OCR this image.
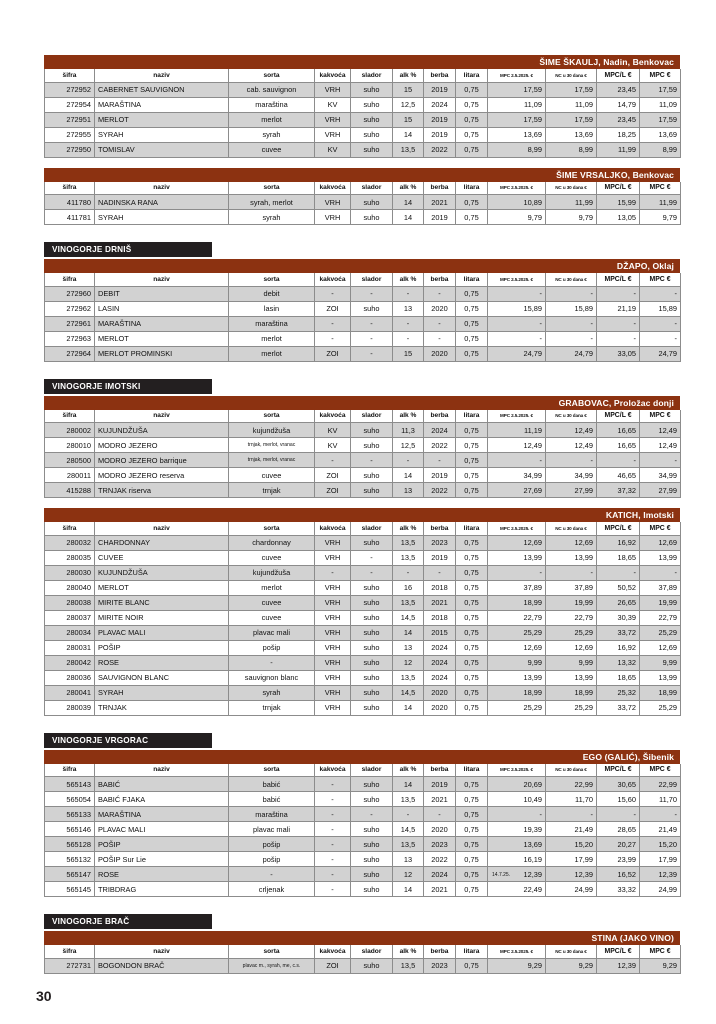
ŠIME ŠKAULJ, Nadin, Benkovac
šifra	naziv	sorta	kakvoća	slador	alk %	berba	litara	MPC 2.5.2025. €	NC u 30 dana €	MPC/L €	MPC €
272952	CABERNET SAUVIGNON	cab. sauvignon	VRH	suho	15	2019	0,75	17,59	17,59	23,45	17,59
272954	MARAŠTINA	maraština	KV	suho	12,5	2024	0,75	11,09	11,09	14,79	11,09
272951	MERLOT	merlot	VRH	suho	15	2019	0,75	17,59	17,59	23,45	17,59
272955	SYRAH	syrah	VRH	suho	14	2019	0,75	13,69	13,69	18,25	13,69
272950	TOMISLAV	cuvee	KV	suho	13,5	2022	0,75	8,99	8,99	11,99	8,99
ŠIME VRSALJKO, Benkovac
šifra	naziv	sorta	kakvoća	slador	alk %	berba	litara	MPC 2.5.2025. €	NC u 30 dana €	MPC/L €	MPC €
411780	NADINSKA RANA	syrah, merlot	VRH	suho	14	2021	0,75	10,89	11,99	15,99	11,99
411781	SYRAH	syrah	VRH	suho	14	2019	0,75	9,79	9,79	13,05	9,79
VINOGORJE DRNIŠ
DŽAPO, Oklaj
šifra	naziv	sorta	kakvoća	slador	alk %	berba	litara	MPC 2.5.2025. €	NC u 30 dana €	MPC/L €	MPC €
272960	DEBIT	debit	-	-	-	-	0,75	-	-	-	-
272962	LASIN	lasin	ZOI	suho	13	2020	0,75	15,89	15,89	21,19	15,89
272961	MARAŠTINA	maraština	-	-	-	-	0,75	-	-	-	-
272963	MERLOT	merlot	-	-	-	-	0,75	-	-	-	-
272964	MERLOT PROMINSKI	merlot	ZOI	-	15	2020	0,75	24,79	24,79	33,05	24,79
VINOGORJE IMOTSKI
GRABOVAC, Proložac donji
šifra	naziv	sorta	kakvoća	slador	alk %	berba	litara	MPC 2.5.2025. €	NC u 30 dana €	MPC/L €	MPC €
280002	KUJUNDŽUŠA	kujundžuša	KV	suho	11,3	2024	0,75	11,19	12,49	16,65	12,49
280010	MODRO JEZERO	trnjak, merlot, vranac	KV	suho	12,5	2022	0,75	12,49	12,49	16,65	12,49
280500	MODRO JEZERO barrique	trnjak, merlot, vranac	-	-	-	-	0,75	-	-	-	-
280011	MODRO JEZERO reserva	cuvee	ZOI	suho	14	2019	0,75	34,99	34,99	46,65	34,99
415288	TRNJAK riserva	trnjak	ZOI	suho	13	2022	0,75	27,69	27,99	37,32	27,99
KATICH, Imotski
šifra	naziv	sorta	kakvoća	slador	alk %	berba	litara	MPC 2.5.2025. €	NC u 30 dana €	MPC/L €	MPC €
280032	CHARDONNAY	chardonnay	VRH	suho	13,5	2023	0,75	12,69	12,69	16,92	12,69
280035	CUVEE	cuvee	VRH	-	13,5	2019	0,75	13,99	13,99	18,65	13,99
280030	KUJUNDŽUŠA	kujundžuša	-	-	-	-	0,75	-	-	-	-
280040	MERLOT	merlot	VRH	suho	16	2018	0,75	37,89	37,89	50,52	37,89
280038	MIRITE BLANC	cuvee	VRH	suho	13,5	2021	0,75	18,99	19,99	26,65	19,99
280037	MIRITE NOIR	cuvee	VRH	suho	14,5	2018	0,75	22,79	22,79	30,39	22,79
280034	PLAVAC MALI	plavac mali	VRH	suho	14	2015	0,75	25,29	25,29	33,72	25,29
280031	POŠIP	pošip	VRH	suho	13	2024	0,75	12,69	12,69	16,92	12,69
280042	ROSE	-	VRH	suho	12	2024	0,75	9,99	9,99	13,32	9,99
280036	SAUVIGNON BLANC	sauvignon blanc	VRH	suho	13,5	2024	0,75	13,99	13,99	18,65	13,99
280041	SYRAH	syrah	VRH	suho	14,5	2020	0,75	18,99	18,99	25,32	18,99
280039	TRNJAK	trnjak	VRH	suho	14	2020	0,75	25,29	25,29	33,72	25,29
VINOGORJE VRGORAC
EGO (GALIĆ), Šibenik
šifra	naziv	sorta	kakvoća	slador	alk %	berba	litara	MPC 2.5.2025. €	NC u 30 dana €	MPC/L €	MPC €
565143	BABIĆ	babić	-	suho	14	2019	0,75	20,69	22,99	30,65	22,99
565054	BABIĆ FJAKA	babić	-	suho	13,5	2021	0,75	10,49	11,70	15,60	11,70
565133	MARAŠTINA	maraština	-	-	-	-	0,75	-	-	-	-
565146	PLAVAC MALI	plavac mali	-	suho	14,5	2020	0,75	19,39	21,49	28,65	21,49
565128	POŠIP	pošip	-	suho	13,5	2023	0,75	13,69	15,20	20,27	15,20
565132	POŠIP Sur Lie	pošip	-	suho	13	2022	0,75	16,19	17,99	23,99	17,99
565147	ROSE	-	-	suho	12	2024	0,75	14.7.25. 12,39	12,39	16,52	12,39
565145	TRIBDRAG	crljenak	-	suho	14	2021	0,75	22,49	24,99	33,32	24,99
VINOGORJE BRAČ
STINA (JAKO VINO)
šifra	naziv	sorta	kakvoća	slador	alk %	berba	litara	MPC 2.5.2025. €	NC u 30 dana €	MPC/L €	MPC €
272731	BOGONDON BRAČ	plavac m., syrah, me, c.s.	ZOI	suho	13,5	2023	0,75	9,29	9,29	12,39	9,29
30
